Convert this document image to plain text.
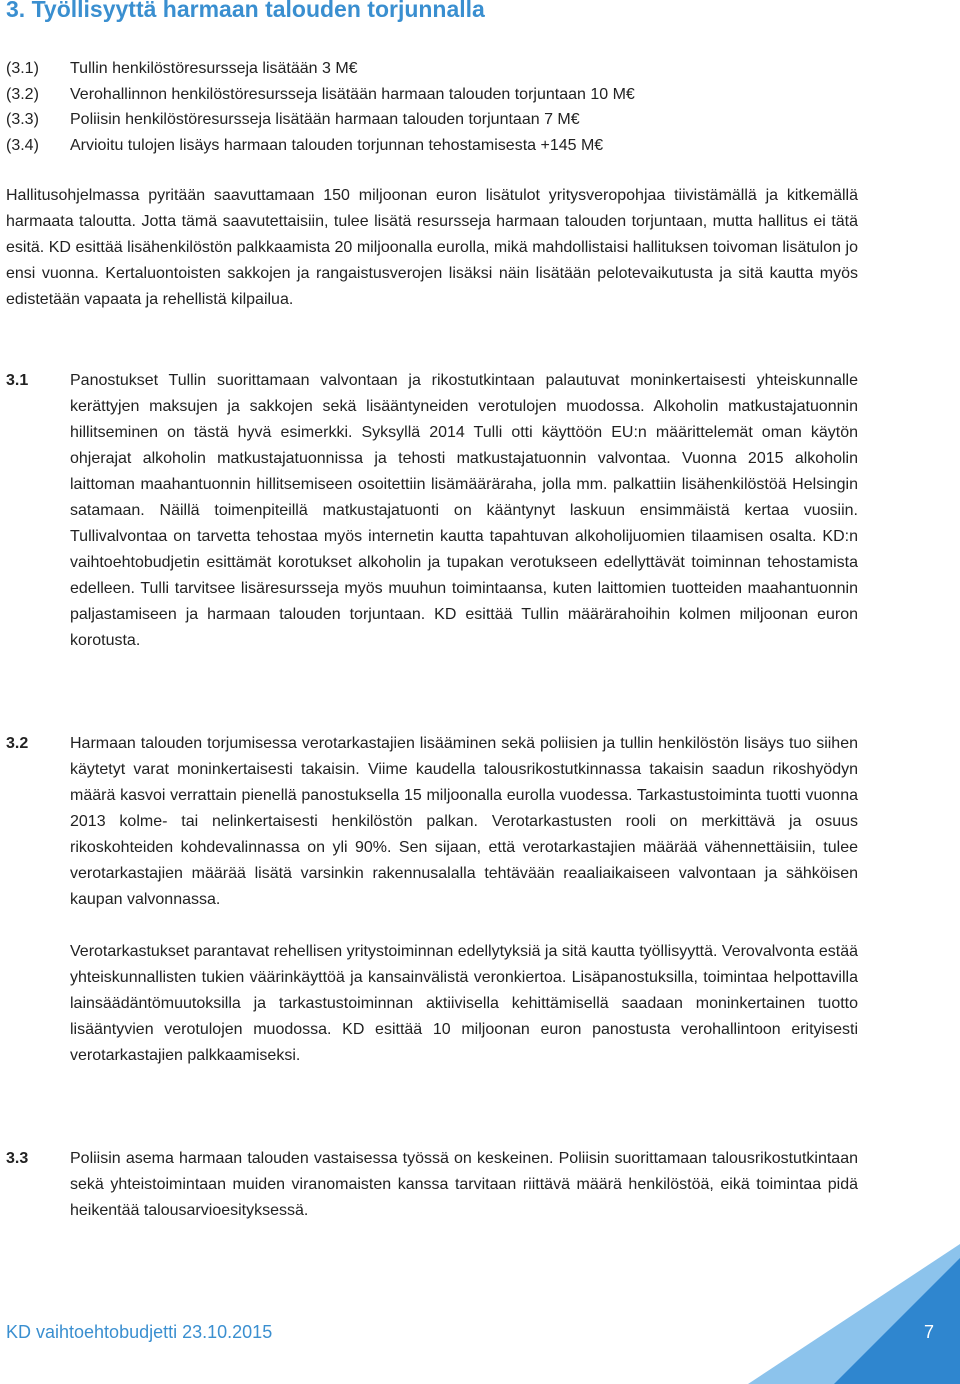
3. Työllisyyttä harmaan talouden torjunnalla
(3.1)	Tullin henkilöstöresursseja lisätään 3 M€
(3.2)	Verohallinnon henkilöstöresursseja lisätään harmaan talouden torjuntaan 10 M€
(3.3)	Poliisin henkilöstöresursseja lisätään harmaan talouden torjuntaan 7 M€
(3.4)	Arvioitu tulojen lisäys harmaan talouden torjunnan tehostamisesta +145 M€

Hallitusohjelmassa pyritään saavuttamaan 150 miljoonan euron lisätulot yritysveropohjaa tiivistämällä ja kitkemällä harmaata taloutta. Jotta tämä saavutettaisiin, tulee lisätä resursseja harmaan talouden torjuntaan, mutta hallitus ei tätä esitä. KD esittää lisähenkilöstön palkkaamista 20 miljoonalla eurolla, mikä mahdollistaisi hallituksen toivoman lisätulon jo ensi vuonna. Kertaluontoisten sakkojen ja rangaistusverojen lisäksi näin lisätään pelotevaikutusta ja sitä kautta myös edistetään vapaata ja rehellistä kilpailua.

3.1	Panostukset Tullin suorittamaan valvontaan ja rikostutkintaan palautuvat moninkertaisesti yhteiskunnalle kerättyjen maksujen ja sakkojen sekä lisääntyneiden verotulojen muodossa. Alkoholin matkustajatuonnin hillitseminen on tästä hyvä esimerkki. Syksyllä 2014 Tulli otti käyttöön EU:n määrittelemät oman käytön ohjerajat alkoholin matkustajatuonnissa ja tehosti matkustajatuonnin valvontaa. Vuonna 2015 alkoholin laittoman maahantuonnin hillitsemiseen osoitettiin lisämääräraha, jolla mm. palkattiin lisähenkilöstöä Helsingin satamaan. Näillä toimenpiteillä matkustajatuonti on kääntynyt laskuun ensimmäistä kertaa vuosiin. Tullivalvontaa on tarvetta tehostaa myös internetin kautta tapahtuvan alkoholijuomien tilaamisen osalta. KD:n vaihtoehtobudjetin esittämät korotukset alkoholin ja tupakan verotukseen edellyttävät toiminnan tehostamista edelleen. Tulli tarvitsee lisäresursseja myös muuhun toimintaansa, kuten laittomien tuotteiden maahantuonnin paljastamiseen ja harmaan talouden torjuntaan. KD esittää Tullin määrärahoihin kolmen miljoonan euron korotusta.

3.2	Harmaan talouden torjumisessa verotarkastajien lisääminen sekä poliisien ja tullin henkilöstön lisäys tuo siihen käytetyt varat moninkertaisesti takaisin. Viime kaudella talousrikostutkinnassa takaisin saadun rikoshyödyn määrä kasvoi verrattain pienellä panostuksella 15 miljoonalla eurolla vuodessa. Tarkastustoiminta tuotti vuonna 2013 kolme- tai nelinkertaisesti henkilöstön palkan. Verotarkastusten rooli on merkittävä ja osuus rikoskohteiden kohdevalinnassa on yli 90%. Sen sijaan, että verotarkastajien määrää vähennettäisiin, tulee verotarkastajien määrää lisätä varsinkin rakennusalalla tehtävään reaaliaikaiseen valvontaan ja sähköisen kaupan valvonnassa.

Verotarkastukset parantavat rehellisen yritystoiminnan edellytyksiä ja sitä kautta työllisyyttä. Verovalvonta estää yhteiskunnallisten tukien väärinkäyttöä ja kansainvälistä veronkiertoa. Lisäpanostuksilla, toimintaa helpottavilla lainsäädäntömuutoksilla ja tarkastustoiminnan aktiivisella kehittämisellä saadaan moninkertainen tuotto lisääntyvien verotulojen muodossa. KD esittää 10 miljoonan euron panostusta verohallintoon erityisesti verotarkastajien palkkaamiseksi.

3.3	Poliisin asema harmaan talouden vastaisessa työssä on keskeinen. Poliisin suorittamaan talousrikostutkintaan sekä yhteistoimintaan muiden viranomaisten kanssa tarvitaan riittävä määrä henkilöstöä, eikä toimintaa pidä heikentää talousarvioesityksessä.

KD vaihtoehtobudjetti 23.10.2015	7
